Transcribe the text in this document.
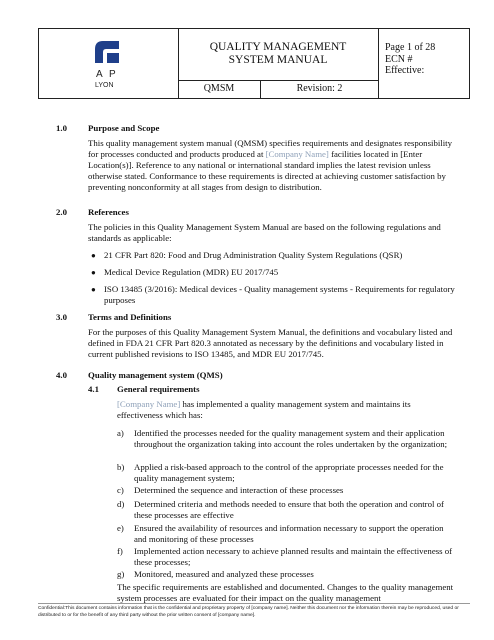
A P
LYON
QUALITY MANAGEMENT
SYSTEM MANUAL
QMSM	Revision: 2
Page 1 of 28
ECN #
Effective:
1.0 Purpose and Scope

This quality management system manual (QMSM) specifies requirements and designates responsibility for processes conducted and products produced at [Company Name] facilities located in [Enter Location(s)]. Reference to any national or international standard implies the latest revision unless otherwise stated. Conformance to these requirements is directed at achieving customer satisfaction by preventing nonconformity at all stages from design to distribution.

2.0 References

The policies in this Quality Management System Manual are based on the following regulations and standards as applicable:

● 21 CFR Part 820: Food and Drug Administration Quality System Regulations (QSR)
● Medical Device Regulation (MDR) EU 2017/745
● ISO 13485 (3/2016): Medical devices - Quality management systems - Requirements for regulatory purposes
3.0 Terms and Definitions

For the purposes of this Quality Management System Manual, the definitions and vocabulary listed and defined in FDA 21 CFR Part 820.3 annotated as necessary by the definitions and vocabulary listed in current published revisions to ISO 13485, and MDR EU 2017/745.

4.0 Quality management system (QMS)
4.1 General requirements

[Company Name] has implemented a quality management system and maintains its effectiveness which has:

a) Identified the processes needed for the quality management system and their application throughout the organization taking into account the roles undertaken by the organization;
b) Applied a risk-based approach to the control of the appropriate processes needed for the quality management system;
c) Determined the sequence and interaction of these processes
d) Determined criteria and methods needed to ensure that both the operation and control of these processes are effective
e) Ensured the availability of resources and information necessary to support the operation and monitoring of these processes
f) Implemented action necessary to achieve planned results and maintain the effectiveness of these processes;
g) Monitored, measured and analyzed these processes

The specific requirements are established and documented. Changes to the quality management system processes are evaluated for their impact on the quality management

Confidential:This document contains information that is the confidential and proprietary property of [company name]. Neither this document nor the information therein may be reproduced, used or distributed to or for the benefit of any third party without the prior written consent of [company name].
